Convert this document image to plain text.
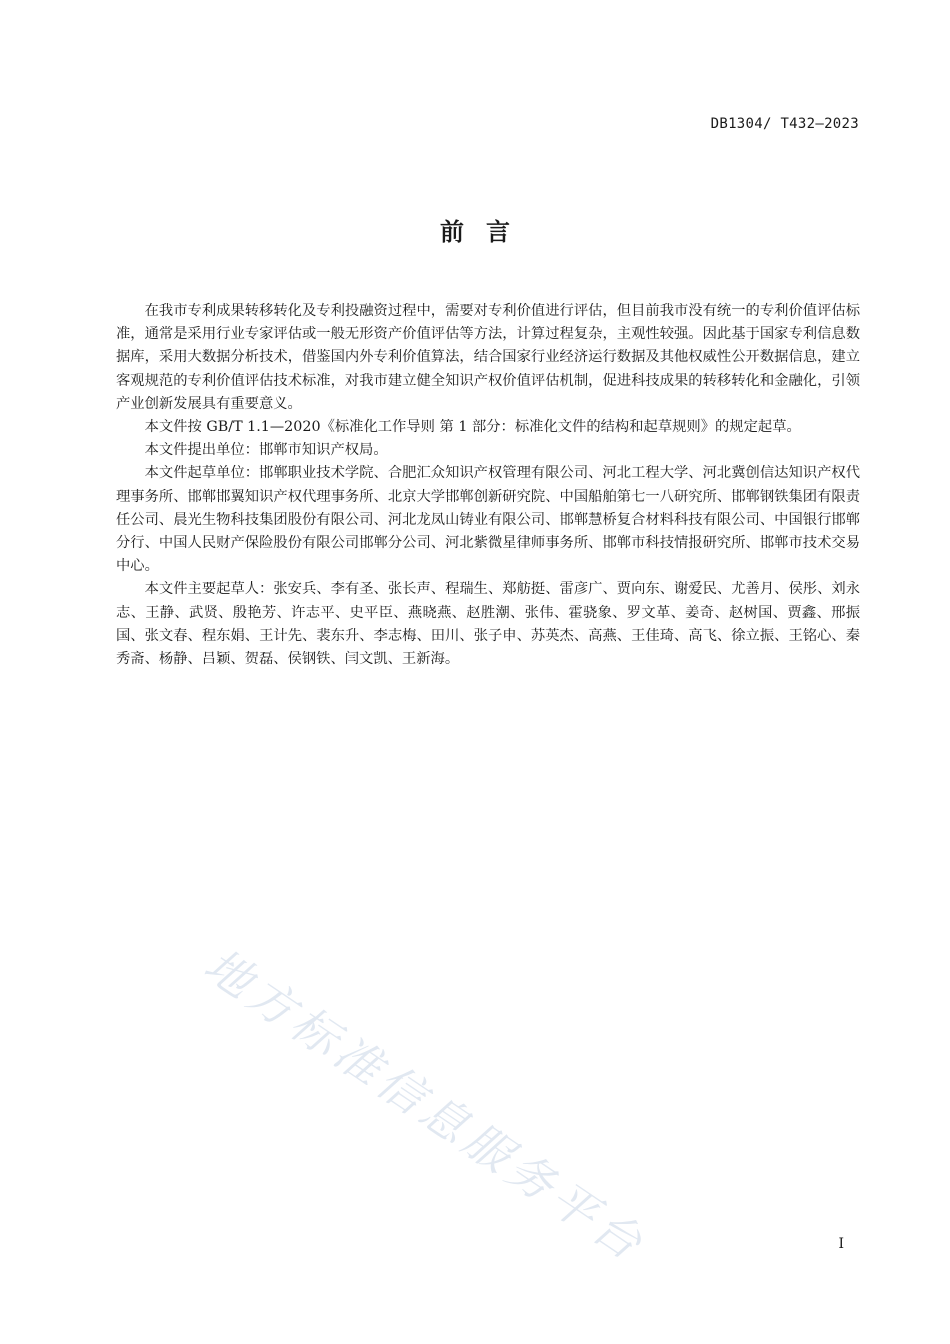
DB1304/ T432—2023
前言

在我市专利成果转移转化及专利投融资过程中，需要对专利价值进行评估，但目前我市没有统一的专利价值评估标准，通常是采用行业专家评估或一般无形资产价值评估等方法，计算过程复杂，主观性较强。因此基于国家专利信息数据库，采用大数据分析技术，借鉴国内外专利价值算法，结合国家行业经济运行数据及其他权威性公开数据信息，建立客观规范的专利价值评估技术标准，对我市建立健全知识产权价值评估机制，促进科技成果的转移转化和金融化，引领产业创新发展具有重要意义。

本文件按 GB/T 1.1—2020《标准化工作导则 第 1 部分：标准化文件的结构和起草规则》的规定起草。

本文件提出单位：邯郸市知识产权局。

本文件起草单位：邯郸职业技术学院、合肥汇众知识产权管理有限公司、河北工程大学、河北冀创信达知识产权代理事务所、邯郸邯翼知识产权代理事务所、北京大学邯郸创新研究院、中国船舶第七一八研究所、邯郸钢铁集团有限责任公司、晨光生物科技集团股份有限公司、河北龙凤山铸业有限公司、邯郸慧桥复合材料科技有限公司、中国银行邯郸分行、中国人民财产保险股份有限公司邯郸分公司、河北紫微星律师事务所、邯郸市科技情报研究所、邯郸市技术交易中心。

本文件主要起草人：张安兵、李有圣、张长声、程瑞生、郑舫挺、雷彦广、贾向东、谢爱民、尤善月、侯彤、刘永志、王静、武贤、殷艳芳、许志平、史平臣、燕晓燕、赵胜潮、张伟、霍骁象、罗文革、姜奇、赵树国、贾鑫、邢振国、张文春、程东娟、王计先、裴东升、李志梅、田川、张子申、苏英杰、高燕、王佳琦、高飞、徐立振、王铭心、秦秀斋、杨静、吕颖、贺磊、侯钢铁、闫文凯、王新海。

地方标准信息服务平台	I
